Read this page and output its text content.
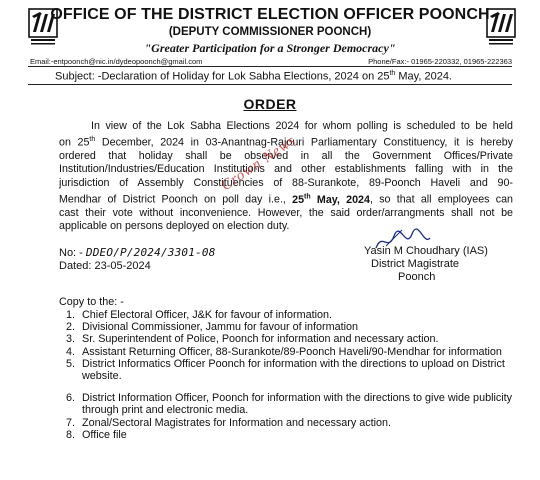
OFFICE OF THE DISTRICT ELECTION OFFICER POONCH
(DEPUTY COMMISSIONER POONCH)
"Greater Participation for a Stronger Democracy"
Email:-entpoonch@nic.in/dydeopoonch@gmail.com	Phone/Fax:- 01965-220332, 01965-222363
Subject: -Declaration of Holiday for Lok Sabha Elections, 2024 on 25th May, 2024.
ORDER
In view of the Lok Sabha Elections 2024 for whom polling is scheduled to be held
on 25th December, 2024 in 03-Anantnag-Rajouri Parliamentary Constituency, it is hereby
ordered that holiday shall be observed in all the Government Offices/Private
Institution/Industries/Education Institutions and other establishments falling with in the
jurisdiction of Assembly Constituencies of 88-Surankote, 89-Poonch Haveli and 90-
Mendhar of District Poonch on poll day i.e., 25th May, 2024, so that all employees can
cast their vote without inconvenience. However, the said order/arrangments shall not be
applicable on persons deployed on election duty.
Crown News
No: - DDEO/P/2024/3301-08
Dated: 23-05-2024
Yasin M Choudhary (IAS)
District Magistrate
Poonch
Copy to the: -
1. Chief Electoral Officer, J&K for favour of information.
2. Divisional Commissioner, Jammu for favour of information
3. Sr. Superintendent of Police, Poonch for information and necessary action.
4. Assistant Returning Officer, 88-Surankote/89-Poonch Haveli/90-Mendhar for information
5. District Informatics Officer Poonch for information with the directions to upload on District website.
6. District Information Officer, Poonch for information with the directions to give wide publicity through print and electronic media.
7. Zonal/Sectoral Magistrates for Information and necessary action.
8. Office file
